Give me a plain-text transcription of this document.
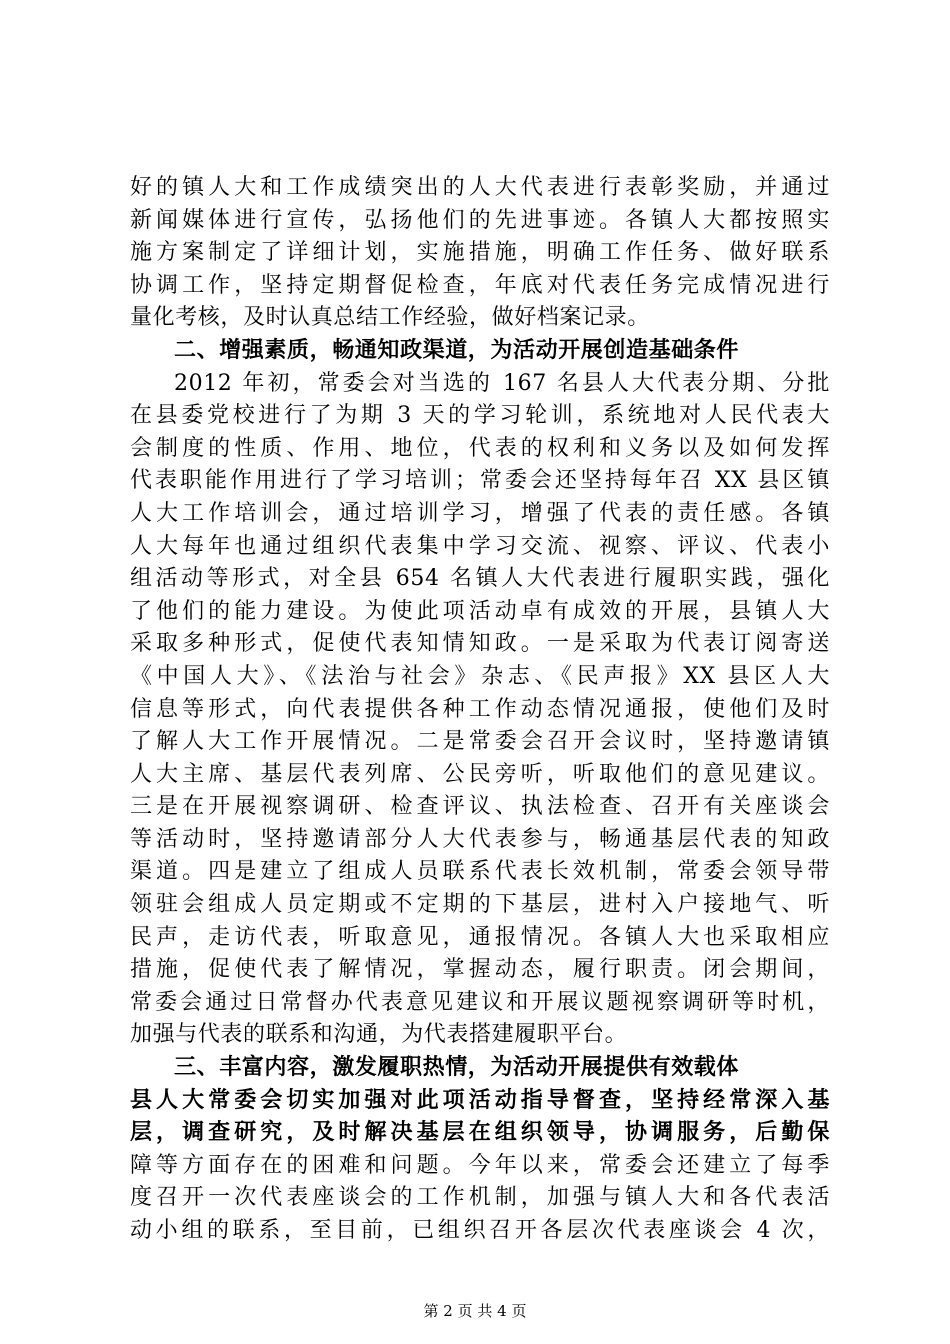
好的镇人大和工作成绩突出的人大代表进行表彰奖励，并通过
新闻媒体进行宣传，弘扬他们的先进事迹。各镇人大都按照实
施方案制定了详细计划，实施措施，明确工作任务、做好联系
协调工作，坚持定期督促检查，年底对代表任务完成情况进行
量化考核，及时认真总结工作经验，做好档案记录。
二、增强素质，畅通知政渠道，为活动开展创造基础条件
2012 年初，常委会对当选的 167 名县人大代表分期、分批
在县委党校进行了为期 3 天的学习轮训，系统地对人民代表大
会制度的性质、作用、地位，代表的权利和义务以及如何发挥
代表职能作用进行了学习培训；常委会还坚持每年召 XX 县区镇
人大工作培训会，通过培训学习，增强了代表的责任感。各镇
人大每年也通过组织代表集中学习交流、视察、评议、代表小
组活动等形式，对全县 654 名镇人大代表进行履职实践，强化
了他们的能力建设。为使此项活动卓有成效的开展，县镇人大
采取多种形式，促使代表知情知政。一是采取为代表订阅寄送
《中国人大》、《法治与社会》杂志、《民声报》XX 县区人大
信息等形式，向代表提供各种工作动态情况通报，使他们及时
了解人大工作开展情况。二是常委会召开会议时，坚持邀请镇
人大主席、基层代表列席、公民旁听，听取他们的意见建议。
三是在开展视察调研、检查评议、执法检查、召开有关座谈会
等活动时，坚持邀请部分人大代表参与，畅通基层代表的知政
渠道。四是建立了组成人员联系代表长效机制，常委会领导带
领驻会组成人员定期或不定期的下基层，进村入户接地气、听
民声，走访代表，听取意见，通报情况。各镇人大也采取相应
措施，促使代表了解情况，掌握动态，履行职责。闭会期间，
常委会通过日常督办代表意见建议和开展议题视察调研等时机，
加强与代表的联系和沟通，为代表搭建履职平台。
三、丰富内容，激发履职热情，为活动开展提供有效载体
县人大常委会切实加强对此项活动指导督查，坚持经常深入基
层，调查研究，及时解决基层在组织领导，协调服务，后勤保
障等方面存在的困难和问题。今年以来，常委会还建立了每季
度召开一次代表座谈会的工作机制，加强与镇人大和各代表活
动小组的联系，至目前，已组织召开各层次代表座谈会 4 次，
第 2 页 共 4 页
